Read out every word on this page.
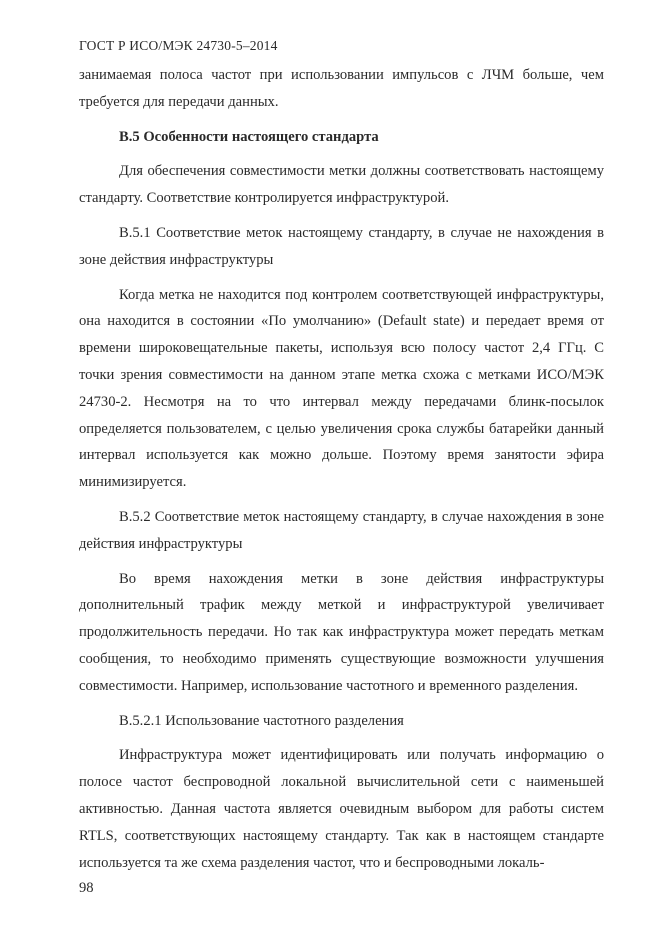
ГОСТ Р ИСО/МЭК 24730-5–2014

занимаемая полоса частот при использовании импульсов с ЛЧМ больше, чем требуется для передачи данных.

В.5 Особенности настоящего стандарта

Для обеспечения совместимости метки должны соответствовать настоящему стандарту. Соответствие контролируется инфраструктурой.

В.5.1 Соответствие меток настоящему стандарту, в случае не нахождения в зоне действия инфраструктуры

Когда метка не находится под контролем соответствующей инфраструктуры, она находится в состоянии «По умолчанию» (Default state) и передает время от времени широковещательные пакеты, используя всю полосу частот 2,4 ГГц. С точки зрения совместимости на данном этапе метка схожа с метками ИСО/МЭК 24730-2. Несмотря на то что интервал между передачами блинк-посылок определяется пользователем, с целью увеличения срока службы батарейки данный интервал используется как можно дольше. Поэтому время занятости эфира минимизируется.

В.5.2 Соответствие меток настоящему стандарту, в случае нахождения в зоне действия инфраструктуры

Во время нахождения метки в зоне действия инфраструктуры дополнительный трафик между меткой и инфраструктурой увеличивает продолжительность передачи. Но так как инфраструктура может передать меткам сообщения, то необходимо применять существующие возможности улучшения совместимости. Например, использование частотного и временного разделения.

В.5.2.1 Использование частотного разделения

Инфраструктура может идентифицировать или получать информацию о полосе частот беспроводной локальной вычислительной сети с наименьшей активностью. Данная частота является очевидным выбором для работы систем RTLS, соответствующих настоящему стандарту. Так как в настоящем стандарте используется та же схема разделения частот, что и беспроводными локаль-

98
